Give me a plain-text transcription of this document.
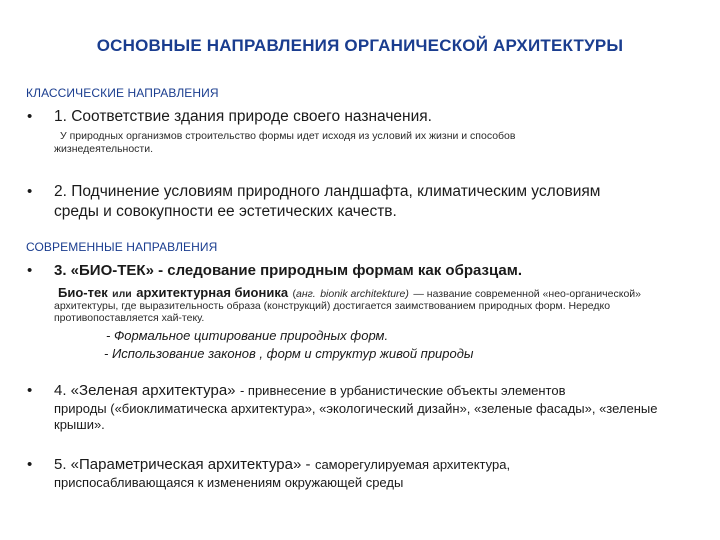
ОСНОВНЫЕ НАПРАВЛЕНИЯ ОРГАНИЧЕСКОЙ АРХИТЕКТУРЫ
КЛАССИЧЕСКИЕ НАПРАВЛЕНИЯ
• 1. Соответствие здания природе своего назначения.
У природных организмов строительство формы идет исходя из условий их жизни и способов
жизнедеятельности.
• 2. Подчинение условиям природного ландшафта, климатическим условиям
среды и совокупности ее эстетических качеств.
СОВРЕМЕННЫЕ НАПРАВЛЕНИЯ
• 3. «БИО-ТЕК» - следование природным формам как образцам.
Био-тек или архитектурная бионика (анг. bionik architekture) — название современной «нео-органической»
архитектуры, где выразительность образа (конструкций) достигается заимствованием природных форм. Нередко
противопоставляется хай-теку.
- Формальное цитирование природных форм.
- Использование законов , форм и структур живой природы
• 4. «Зеленая архитектура» - привнесение в урбанистические объекты элементов
природы («биоклиматическа архитектура», «экологический дизайн», «зеленые фасады», «зеленые
крыши».
• 5. «Параметрическая архитектура» - саморегулируемая архитектура,
приспосабливающаяся к изменениям окружающей среды
